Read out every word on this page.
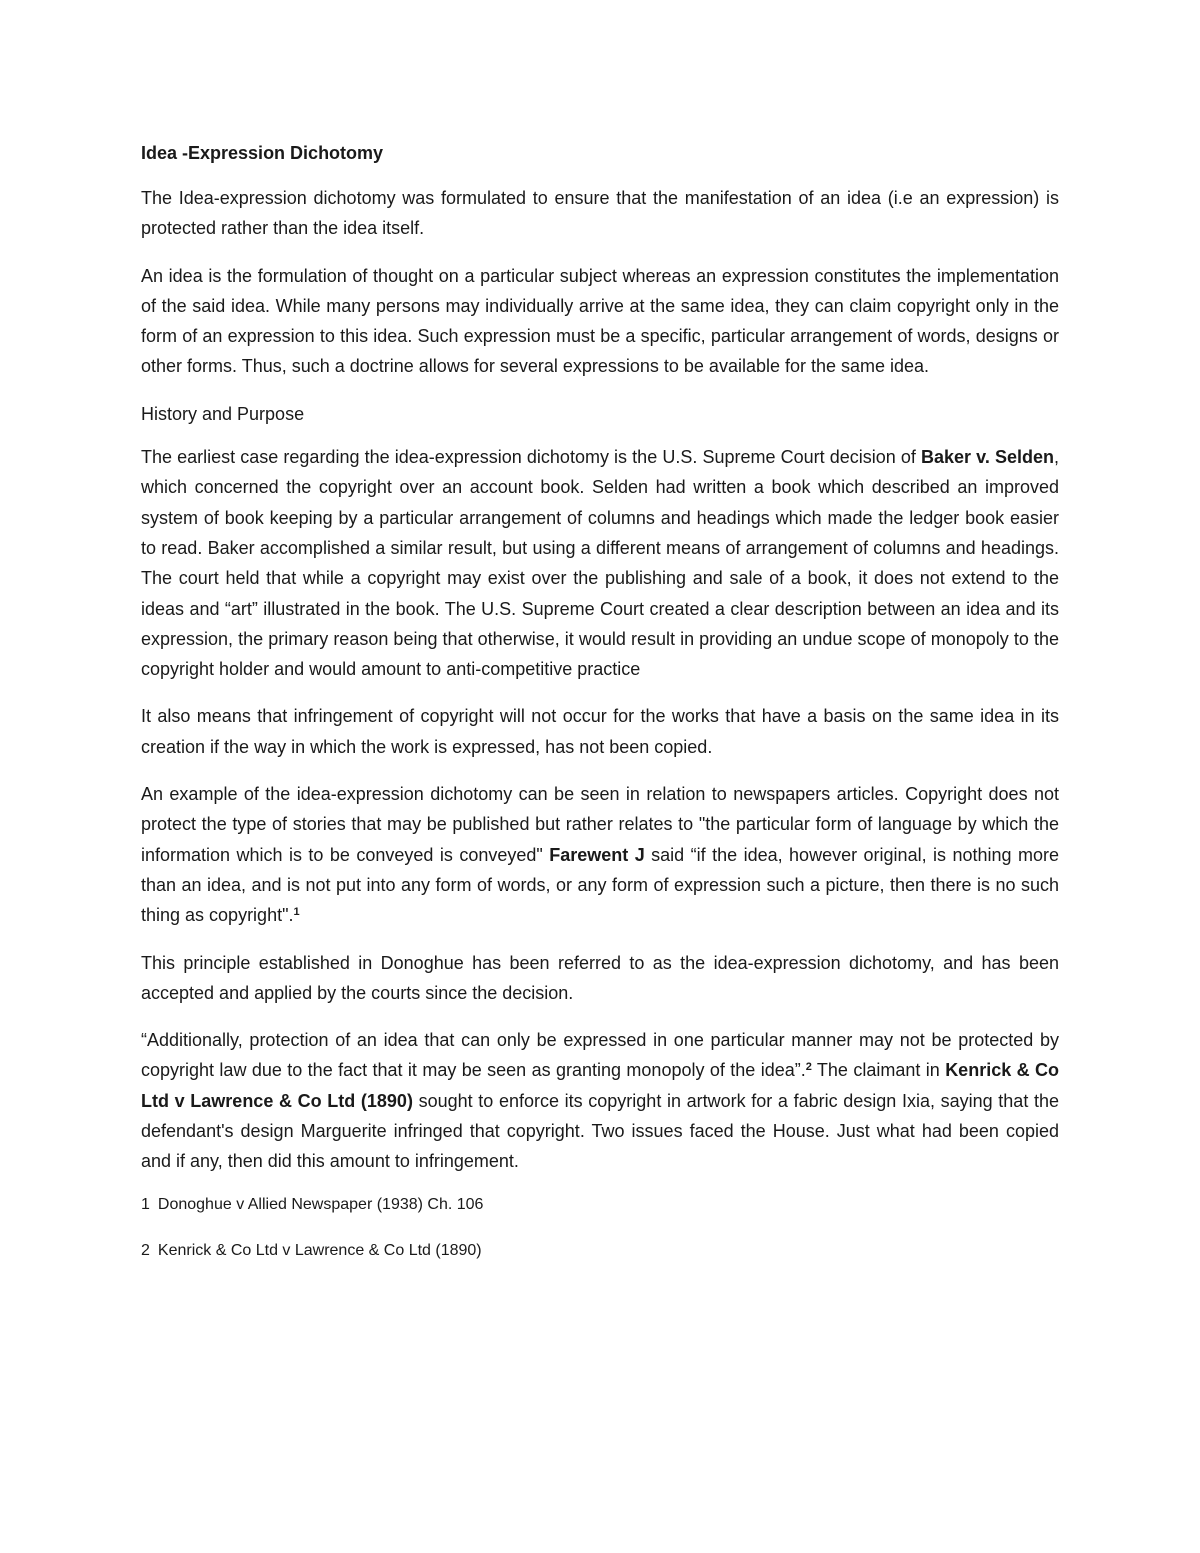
Idea -Expression Dichotomy

The Idea-expression dichotomy was formulated to ensure that the manifestation of an idea (i.e an expression) is protected rather than the idea itself.

An idea is the formulation of thought on a particular subject whereas an expression constitutes the implementation of the said idea. While many persons may individually arrive at the same idea, they can claim copyright only in the form of an expression to this idea. Such expression must be a specific, particular arrangement of words, designs or other forms. Thus, such a doctrine allows for several expressions to be available for the same idea.

History and Purpose

The earliest case regarding the idea-expression dichotomy is the U.S. Supreme Court decision of Baker v. Selden, which concerned the copyright over an account book. Selden had written a book which described an improved system of book keeping by a particular arrangement of columns and headings which made the ledger book easier to read. Baker accomplished a similar result, but using a different means of arrangement of columns and headings. The court held that while a copyright may exist over the publishing and sale of a book, it does not extend to the ideas and “art” illustrated in the book. The U.S. Supreme Court created a clear description between an idea and its expression, the primary reason being that otherwise, it would result in providing an undue scope of monopoly to the copyright holder and would amount to anti-competitive practice

It also means that infringement of copyright will not occur for the works that have a basis on the same idea in its creation if the way in which the work is expressed, has not been copied.

An example of the idea-expression dichotomy can be seen in relation to newspapers articles. Copyright does not protect the type of stories that may be published but rather relates to "the particular form of language by which the information which is to be conveyed is conveyed" Farewent J said “if the idea, however original, is nothing more than an idea, and is not put into any form of words, or any form of expression such a picture, then there is no such thing as copyright".$^1$

This principle established in Donoghue has been referred to as the idea-expression dichotomy, and has been accepted and applied by the courts since the decision.

“Additionally, protection of an idea that can only be expressed in one particular manner may not be protected by copyright law due to the fact that it may be seen as granting monopoly of the idea”.$^2$ The claimant in Kenrick & Co Ltd v Lawrence & Co Ltd (1890) sought to enforce its copyright in artwork for a fabric design Ixia, saying that the defendant's design Marguerite infringed that copyright. Two issues faced the House. Just what had been copied and if any, then did this amount to infringement.

1 Donoghue v Allied Newspaper (1938) Ch. 106
2 Kenrick & Co Ltd v Lawrence & Co Ltd (1890)
